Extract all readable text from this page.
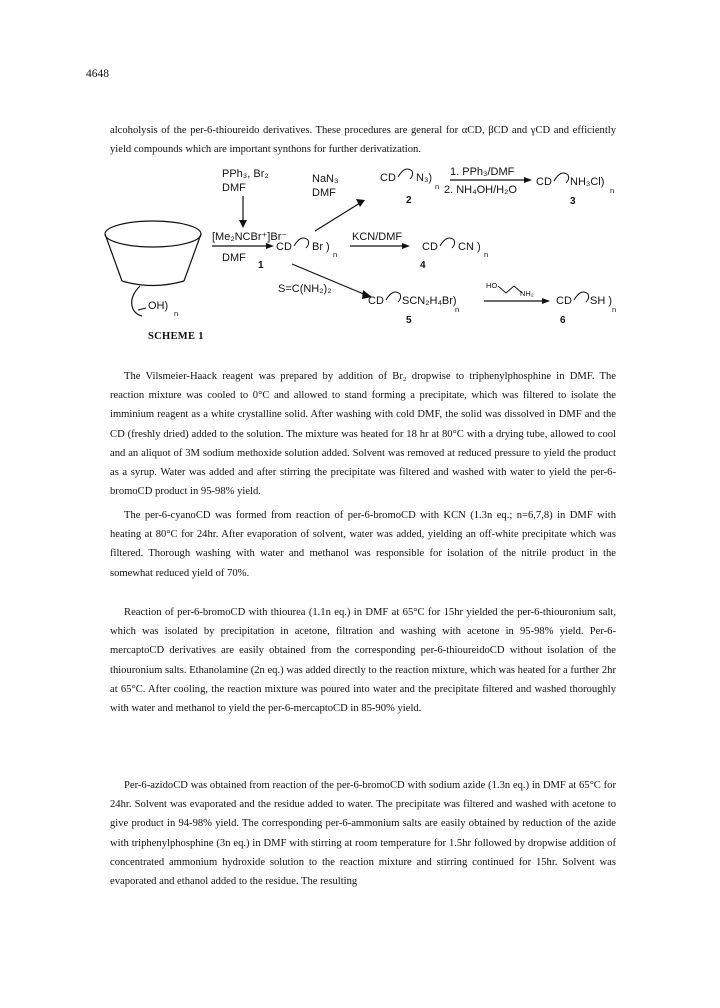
4648

alcoholysis of the per-6-thioureido derivatives. These procedures are general for αCD, βCD and γCD and efficiently yield compounds which are important synthons for further derivatization.

OH)
n
PPh₃, Br₂
DMF
[Me₂NCBr⁺]Br⁻
DMF
CD Br )
n
1
NaN₃
DMF
CD N₃)
n
2
1. PPh₃/DMF
2. NH₄OH/H₂O
CD NH₃Cl)
n
3
KCN/DMF
CD CN )
n
4
S=C(NH₂)₂
CD SCN₂H₄Br)
n
5
HO
NH₂
CD SH )
n
6
SCHEME 1

The Vilsmeier-Haack reagent was prepared by addition of Br₂ dropwise to triphenylphosphine in DMF. The reaction mixture was cooled to 0°C and allowed to stand forming a precipitate, which was filtered to isolate the imminium reagent as a white crystalline solid. After washing with cold DMF, the solid was dissolved in DMF and the CD (freshly dried) added to the solution. The mixture was heated for 18 hr at 80°C with a drying tube, allowed to cool and an aliquot of 3M sodium methoxide solution added. Solvent was removed at reduced pressure to yield the product as a syrup. Water was added and after stirring the precipitate was filtered and washed with water to yield the per-6-bromoCD product in 95-98% yield.

The per-6-cyanoCD was formed from reaction of per-6-bromoCD with KCN (1.3n eq.; n=6,7,8) in DMF with heating at 80°C for 24hr. After evaporation of solvent, water was added, yielding an off-white precipitate which was filtered. Thorough washing with water and methanol was responsible for isolation of the nitrile product in the somewhat reduced yield of 70%.

Reaction of per-6-bromoCD with thiourea (1.1n eq.) in DMF at 65°C for 15hr yielded the per-6-thiouronium salt, which was isolated by precipitation in acetone, filtration and washing with acetone in 95-98% yield. Per-6-mercaptoCD derivatives are easily obtained from the corresponding per-6-thioureidoCD without isolation of the thiouronium salts. Ethanolamine (2n eq.) was added directly to the reaction mixture, which was heated for a further 2hr at 65°C. After cooling, the reaction mixture was poured into water and the precipitate filtered and washed thoroughly with water and methanol to yield the per-6-mercaptoCD in 85-90% yield.

Per-6-azidoCD was obtained from reaction of the per-6-bromoCD with sodium azide (1.3n eq.) in DMF at 65°C for 24hr. Solvent was evaporated and the residue added to water. The precipitate was filtered and washed with acetone to give product in 94-98% yield. The corresponding per-6-ammonium salts are easily obtained by reduction of the azide with triphenylphosphine (3n eq.) in DMF with stirring at room temperature for 1.5hr followed by dropwise addition of concentrated ammonium hydroxide solution to the reaction mixture and stirring continued for 15hr. Solvent was evaporated and ethanol added to the residue. The resulting
